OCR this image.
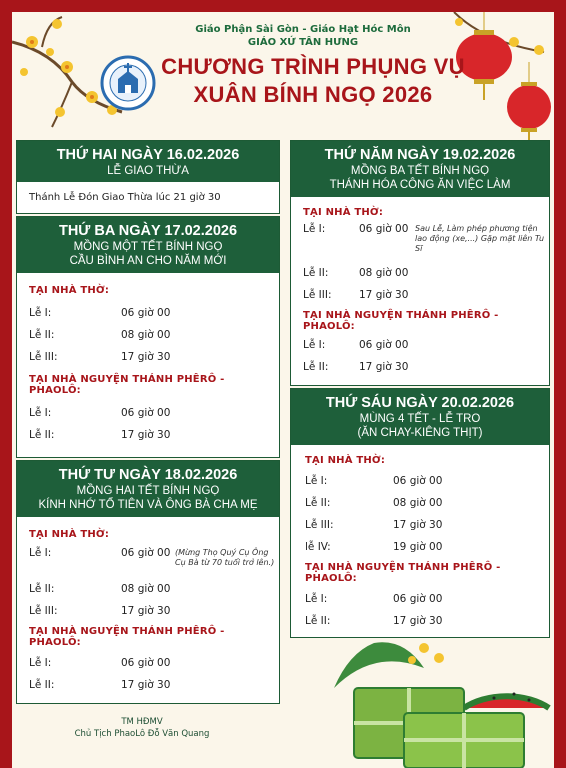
Giáo Phận Sài Gòn - Giáo Hạt Hóc Môn
GIÁO XỨ TÂN HƯNG
CHƯƠNG TRÌNH PHỤNG VỤ
XUÂN BÍNH NGỌ 2026
THỨ HAI NGÀY 16.02.2026
LỄ GIAO THỪA
Thánh Lễ Đón Giao Thừa lúc 21 giờ 30
THỨ BA NGÀY 17.02.2026
MỒNG MỘT TẾT BÍNH NGỌ
CẦU BÌNH AN CHO NĂM MỚI
TẠI NHÀ THỜ:
Lễ I:	06 giờ 00
Lễ II:	08 giờ 00
Lễ III:	17 giờ 30
TẠI NHÀ NGUYỆN THÁNH PHÊRÔ - PHAOLÔ:
Lễ I:	06 giờ 00
Lễ II:	17 giờ 30
THỨ TƯ NGÀY 18.02.2026
MỒNG HAI TẾT BÍNH NGỌ
KÍNH NHỚ TỔ TIÊN VÀ ÔNG BÀ CHA MẸ
TẠI NHÀ THỜ:
Lễ I:	06 giờ 00 (Mừng Thọ Quý Cụ Ông Cụ Bà từ 70 tuổi trở lên.)
Lễ II:	08 giờ 00
Lễ III:	17 giờ 30
TẠI NHÀ NGUYỆN THÁNH PHÊRÔ - PHAOLÔ:
Lễ I:	06 giờ 00
Lễ II:	17 giờ 30
THỨ NĂM NGÀY 19.02.2026
MỒNG BA TẾT BÍNH NGỌ
THÁNH HÓA CÔNG ĂN VIỆC LÀM
TẠI NHÀ THỜ:
Lễ I:	06 giờ 00 Sau Lễ, Làm phép phương tiện lao động (xe,...) Gặp mặt liên Tu Sĩ
Lễ II:	08 giờ 00
Lễ III:	17 giờ 30
TẠI NHÀ NGUYỆN THÁNH PHÊRÔ - PHAOLÔ:
Lễ I:	06 giờ 00
Lễ II:	17 giờ 30
THỨ SÁU NGÀY 20.02.2026
MÙNG 4 TẾT - LỄ TRO
(ĂN CHAY-KIÊNG THỊT)
TẠI NHÀ THỜ:
Lễ I:	06 giờ 00
Lễ II:	08 giờ 00
Lễ III:	17 giờ 30
lễ IV:	19 giờ 00
TẠI NHÀ NGUYỆN THÁNH PHÊRÔ - PHAOLÔ:
Lễ I:	06 giờ 00
Lễ II:	17 giờ 30
TM HĐMV
Chủ Tịch PhaoLô Đỗ Văn Quang
